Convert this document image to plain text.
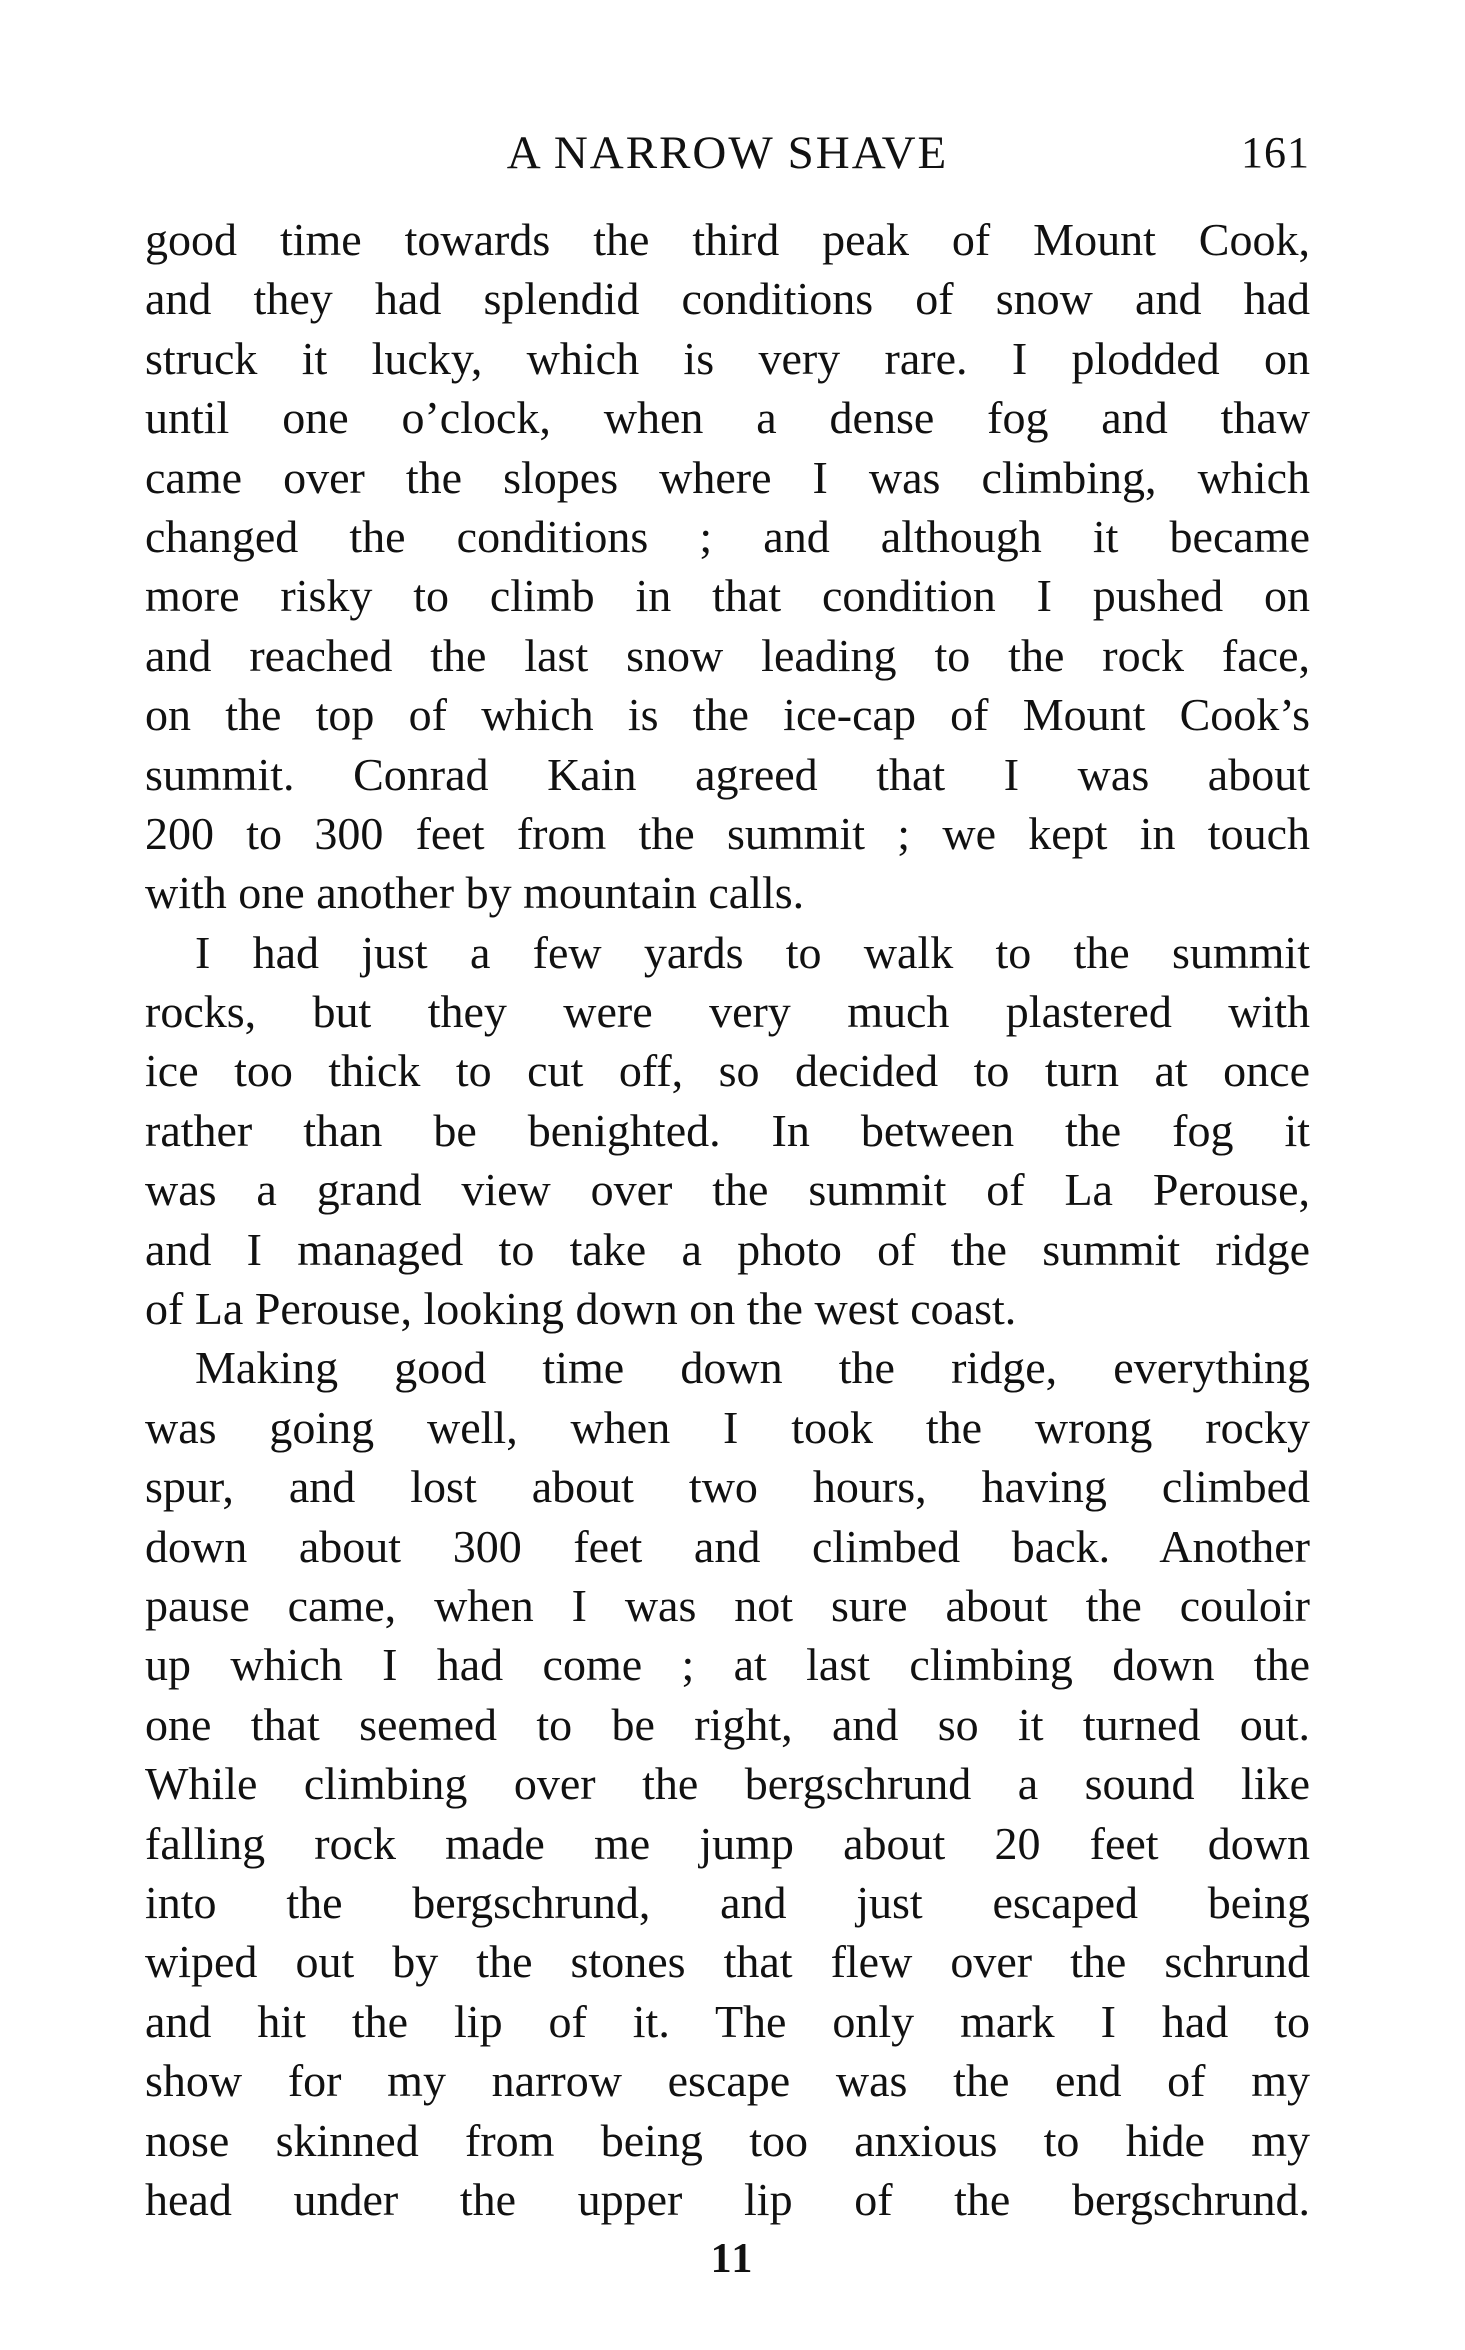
A NARROW SHAVE	161
good time towards the third peak of Mount Cook,
and they had splendid conditions of snow and had
struck it lucky, which is very rare. I plodded on
until one o’clock, when a dense fog and thaw
came over the slopes where I was climbing, which
changed the conditions ; and although it became
more risky to climb in that condition I pushed on
and reached the last snow leading to the rock face,
on the top of which is the ice-cap of Mount Cook’s
summit. Conrad Kain agreed that I was about
200 to 300 feet from the summit ; we kept in touch
with one another by mountain calls.
I had just a few yards to walk to the summit
rocks, but they were very much plastered with
ice too thick to cut off, so decided to turn at once
rather than be benighted. In between the fog it
was a grand view over the summit of La Perouse,
and I managed to take a photo of the summit ridge
of La Perouse, looking down on the west coast.
Making good time down the ridge, everything
was going well, when I took the wrong rocky
spur, and lost about two hours, having climbed
down about 300 feet and climbed back. Another
pause came, when I was not sure about the couloir
up which I had come ; at last climbing down the
one that seemed to be right, and so it turned out.
While climbing over the bergschrund a sound like
falling rock made me jump about 20 feet down
into the bergschrund, and just escaped being
wiped out by the stones that flew over the schrund
and hit the lip of it. The only mark I had to
show for my narrow escape was the end of my
nose skinned from being too anxious to hide my
head under the upper lip of the bergschrund.
11
